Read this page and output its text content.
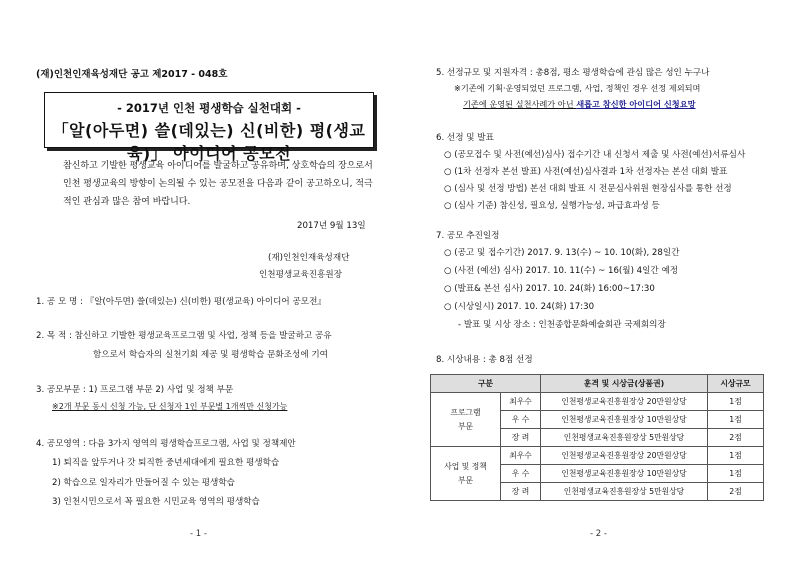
(재)인천인재육성재단 공고 제2017 - 048호
- 2017년 인천 평생학습 실천대회 -
「알(아두면) 쓸(데있는) 신(비한) 평(생교육)」 아이디어 공모전
참신하고 기발한 평생교육 아이디어를 발굴하고 공유하며, 상호학습의 장으로서
인천 평생교육의 방향이 논의될 수 있는 공모전을 다음과 같이 공고하오니, 적극
적인 관심과 많은 참여 바랍니다.
2017년 9월 13일
(재)인천인재육성재단
인천평생교육진흥원장
1. 공 모 명 : 『알(아두면) 쓸(데있는) 신(비한) 평(생교육) 아이디어 공모전』
2. 목 적 : 참신하고 기발한 평생교육프로그램 및 사업, 정책 등을 발굴하고 공유
함으로서 학습자의 실천기회 제공 및 평생학습 문화조성에 기여
3. 공모부문 : 1) 프로그램 부문 2) 사업 및 정책 부문
※2개 부문 동시 신청 가능, 단 신청자 1인 부문별 1개씩만 신청가능
4. 공모영역 : 다음 3가지 영역의 평생학습프로그램, 사업 및 정책제안
1) 퇴직을 앞두거나 갓 퇴직한 중년세대에게 필요한 평생학습
2) 학습으로 일자리가 만들어질 수 있는 평생학습
3) 인천시민으로서 꼭 필요한 시민교육 영역의 평생학습
- 1 -
5. 선정규모 및 지원자격 : 총8점, 평소 평생학습에 관심 많은 성인 누구나
※기존에 기획·운영되었던 프로그램, 사업, 정책인 경우 선정 제외되며
기존에 운영된 실천사례가 아닌 새롭고 참신한 아이디어 신청요망
6. 선정 및 발표
○ (공모접수 및 사전(예선)심사) 접수기간 내 신청서 제출 및 사전(예선)서류심사
○ (1차 선정자 본선 발표) 사전(예선)심사결과 1차 선정자는 본선 대회 발표
○ (심사 및 선정 방법) 본선 대회 발표 시 전문심사위원 현장심사를 통한 선정
○ (심사 기준) 참신성, 필요성, 실행가능성, 파급효과성 등
7. 공모 추진일정
○ (공고 및 접수기간) 2017. 9. 13(수) ~ 10. 10(화), 28일간
○ (사전 (예선) 심사) 2017. 10. 11(수) ~ 16(월) 4일간 예정
○ (발표& 본선 심사) 2017. 10. 24(화) 16:00~17:30
○ (시상일시) 2017. 10. 24(화) 17:30
- 발표 및 시상 장소 : 인천종합문화예술회관 국제회의장
8. 시상내용 : 총 8점 선정
- 2 -
구분		훈격 및 시상금(상품권)	시상규모
프로그램
부문	최우수	인천평생교육진흥원장상 20만원상당	1점
	우 수	인천평생교육진흥원장상 10만원상당	1점
	장 려	인천평생교육진흥원장상 5만원상당	2점
사업 및 정책
부문	최우수	인천평생교육진흥원장상 20만원상당	1점
	우 수	인천평생교육진흥원장상 10만원상당	1점
	장 려	인천평생교육진흥원장상 5만원상당	2점
